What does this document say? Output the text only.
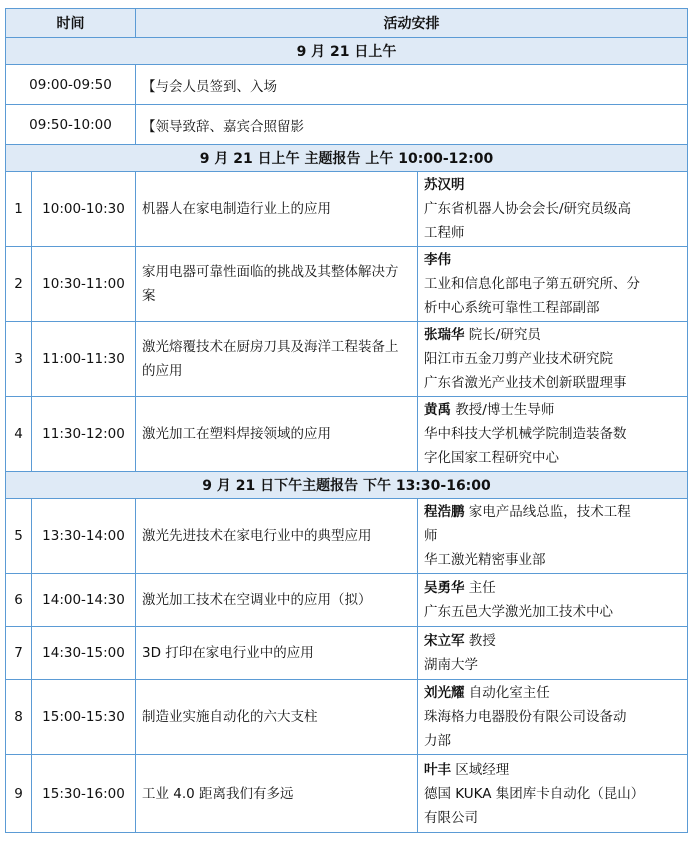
时间		活动安排	
9 月 21 日上午			
09:00-09:50		【与会人员签到、入场	
09:50-10:00		【领导致辞、嘉宾合照留影	
9 月 21 日上午 主题报告 上午 10:00-12:00			
1	10:00-10:30	机器人在家电制造行业上的应用	苏汉明
广东省机器人协会会长/研究员级高
工程师

2	10:30-11:00	家用电器可靠性面临的挑战及其整体解决方案	李伟
工业和信息化部电子第五研究所、分
析中心系统可靠性工程部副部

3	11:00-11:30	激光熔覆技术在厨房刀具及海洋工程装备上的应用	张瑞华 院长/研究员
阳江市五金刀剪产业技术研究院
广东省激光产业技术创新联盟理事

4	11:30-12:00	激光加工在塑料焊接领域的应用	黄禹 教授/博士生导师
华中科技大学机械学院制造装备数
字化国家工程研究中心

9 月 21 日下午主题报告 下午 13:30-16:00			
5	13:30-14:00	激光先进技术在家电行业中的典型应用	程浩鹏 家电产品线总监，技术工程
师
华工激光精密事业部

6	14:00-14:30	激光加工技术在空调业中的应用（拟）	吴勇华 主任
广东五邑大学激光加工技术中心

7	14:30-15:00	3D 打印在家电行业中的应用	宋立军 教授
湖南大学

8	15:00-15:30	制造业实施自动化的六大支柱	刘光耀 自动化室主任
珠海格力电器股份有限公司设备动
力部

9	15:30-16:00	工业 4.0 距离我们有多远	叶丰 区域经理
德国 KUKA 集团库卡自动化（昆山）
有限公司
